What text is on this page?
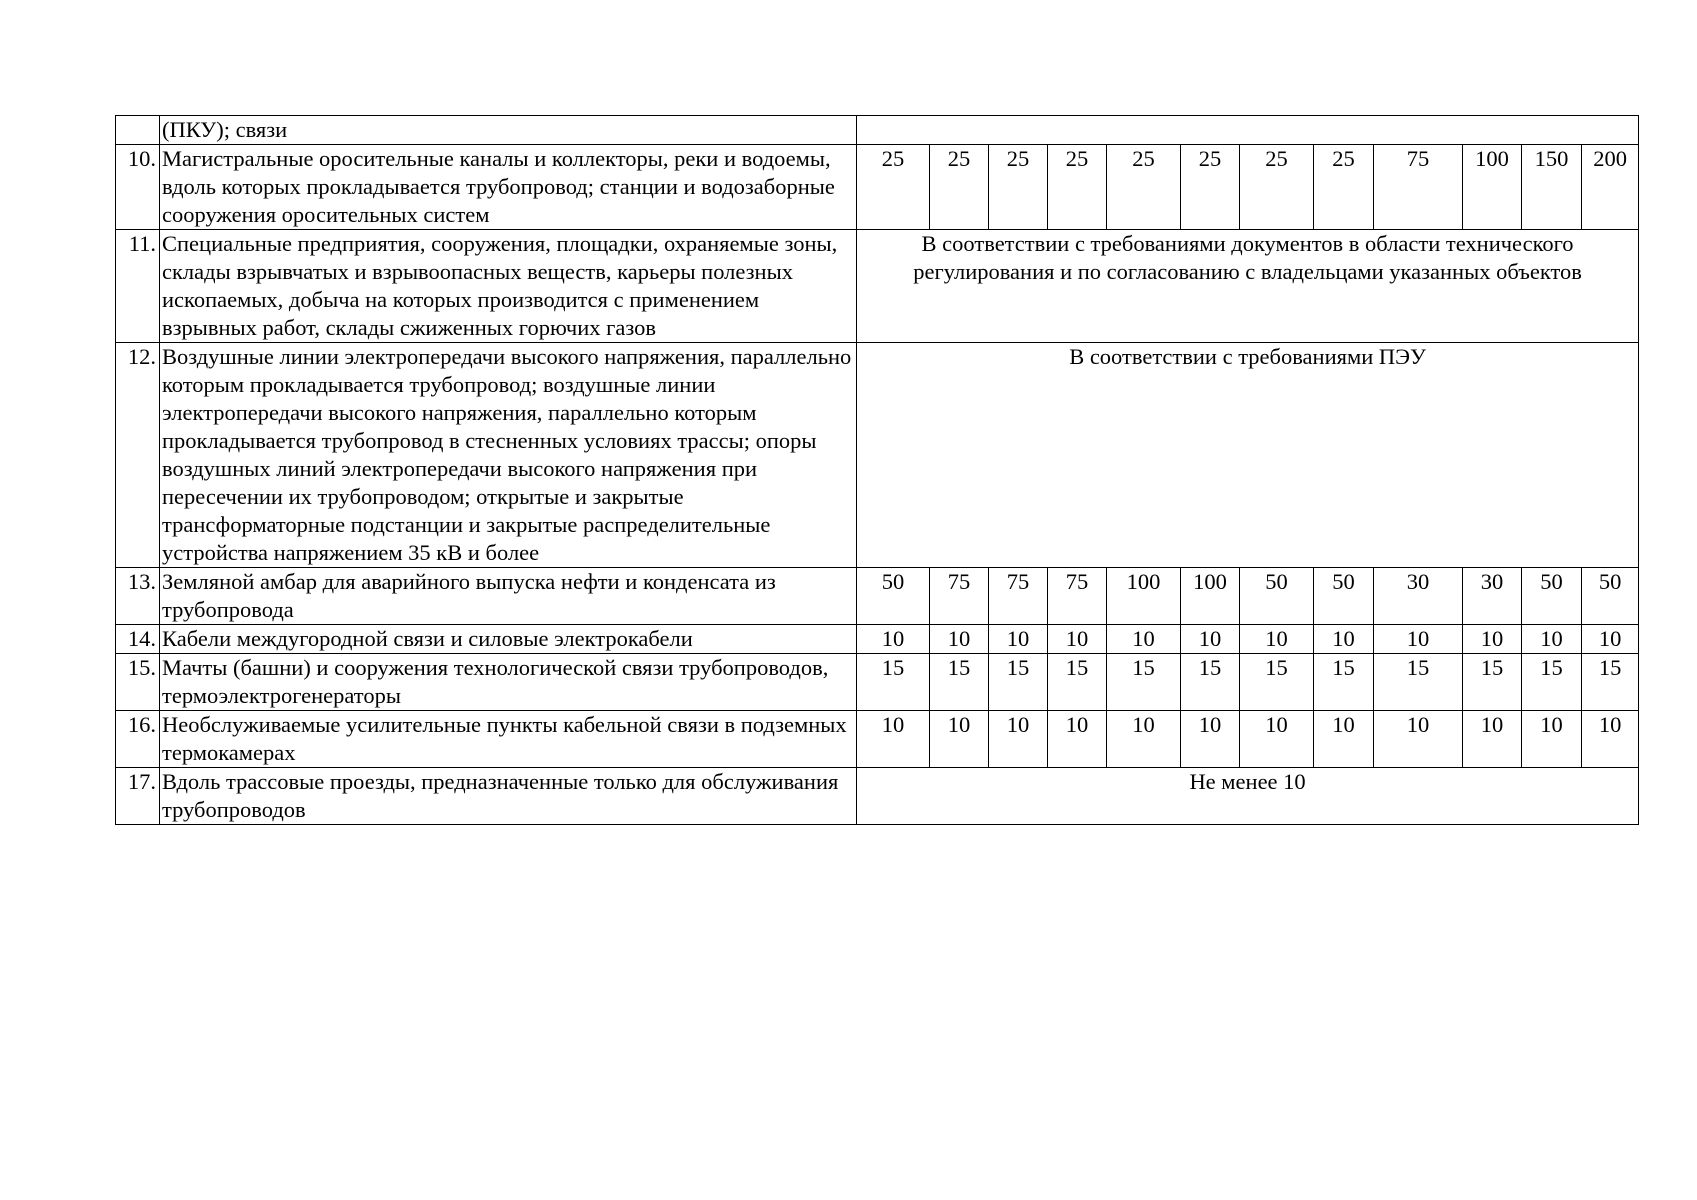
	(ПКУ); связи												
10.	Магистральные оросительные каналы и коллекторы, реки и водоемы, вдоль которых прокладывается трубопровод; станции и водозаборные сооружения оросительных систем	25	25	25	25	25	25	25	25	75	100	150	200
11.	Специальные предприятия, сооружения, площадки, охраняемые зоны, склады взрывчатых и взрывоопасных веществ, карьеры полезных ископаемых, добыча на которых производится с применением взрывных работ, склады сжиженных горючих газов	В соответствии с требованиями документов в области технического регулирования и по согласованию с владельцами указанных объектов											
12.	Воздушные линии электропередачи высокого напряжения, параллельно которым прокладывается трубопровод; воздушные линии электропередачи высокого напряжения, параллельно которым прокладывается трубопровод в стесненных условиях трассы; опоры воздушных линий электропередачи высокого напряжения при пересечении их трубопроводом; открытые и закрытые трансформаторные подстанции и закрытые распределительные устройства напряжением 35 кВ и более	В соответствии с требованиями ПЭУ											
13.	Земляной амбар для аварийного выпуска нефти и конденсата из трубопровода	50	75	75	75	100	100	50	50	30	30	50	50
14.	Кабели междугородной связи и силовые электрокабели	10	10	10	10	10	10	10	10	10	10	10	10
15.	Мачты (башни) и сооружения технологической связи трубопроводов, термоэлектрогенераторы	15	15	15	15	15	15	15	15	15	15	15	15
16.	Необслуживаемые усилительные пункты кабельной связи в подземных термокамерах	10	10	10	10	10	10	10	10	10	10	10	10
17.	Вдоль трассовые проезды, предназначенные только для обслуживания трубопроводов	Не менее 10											
